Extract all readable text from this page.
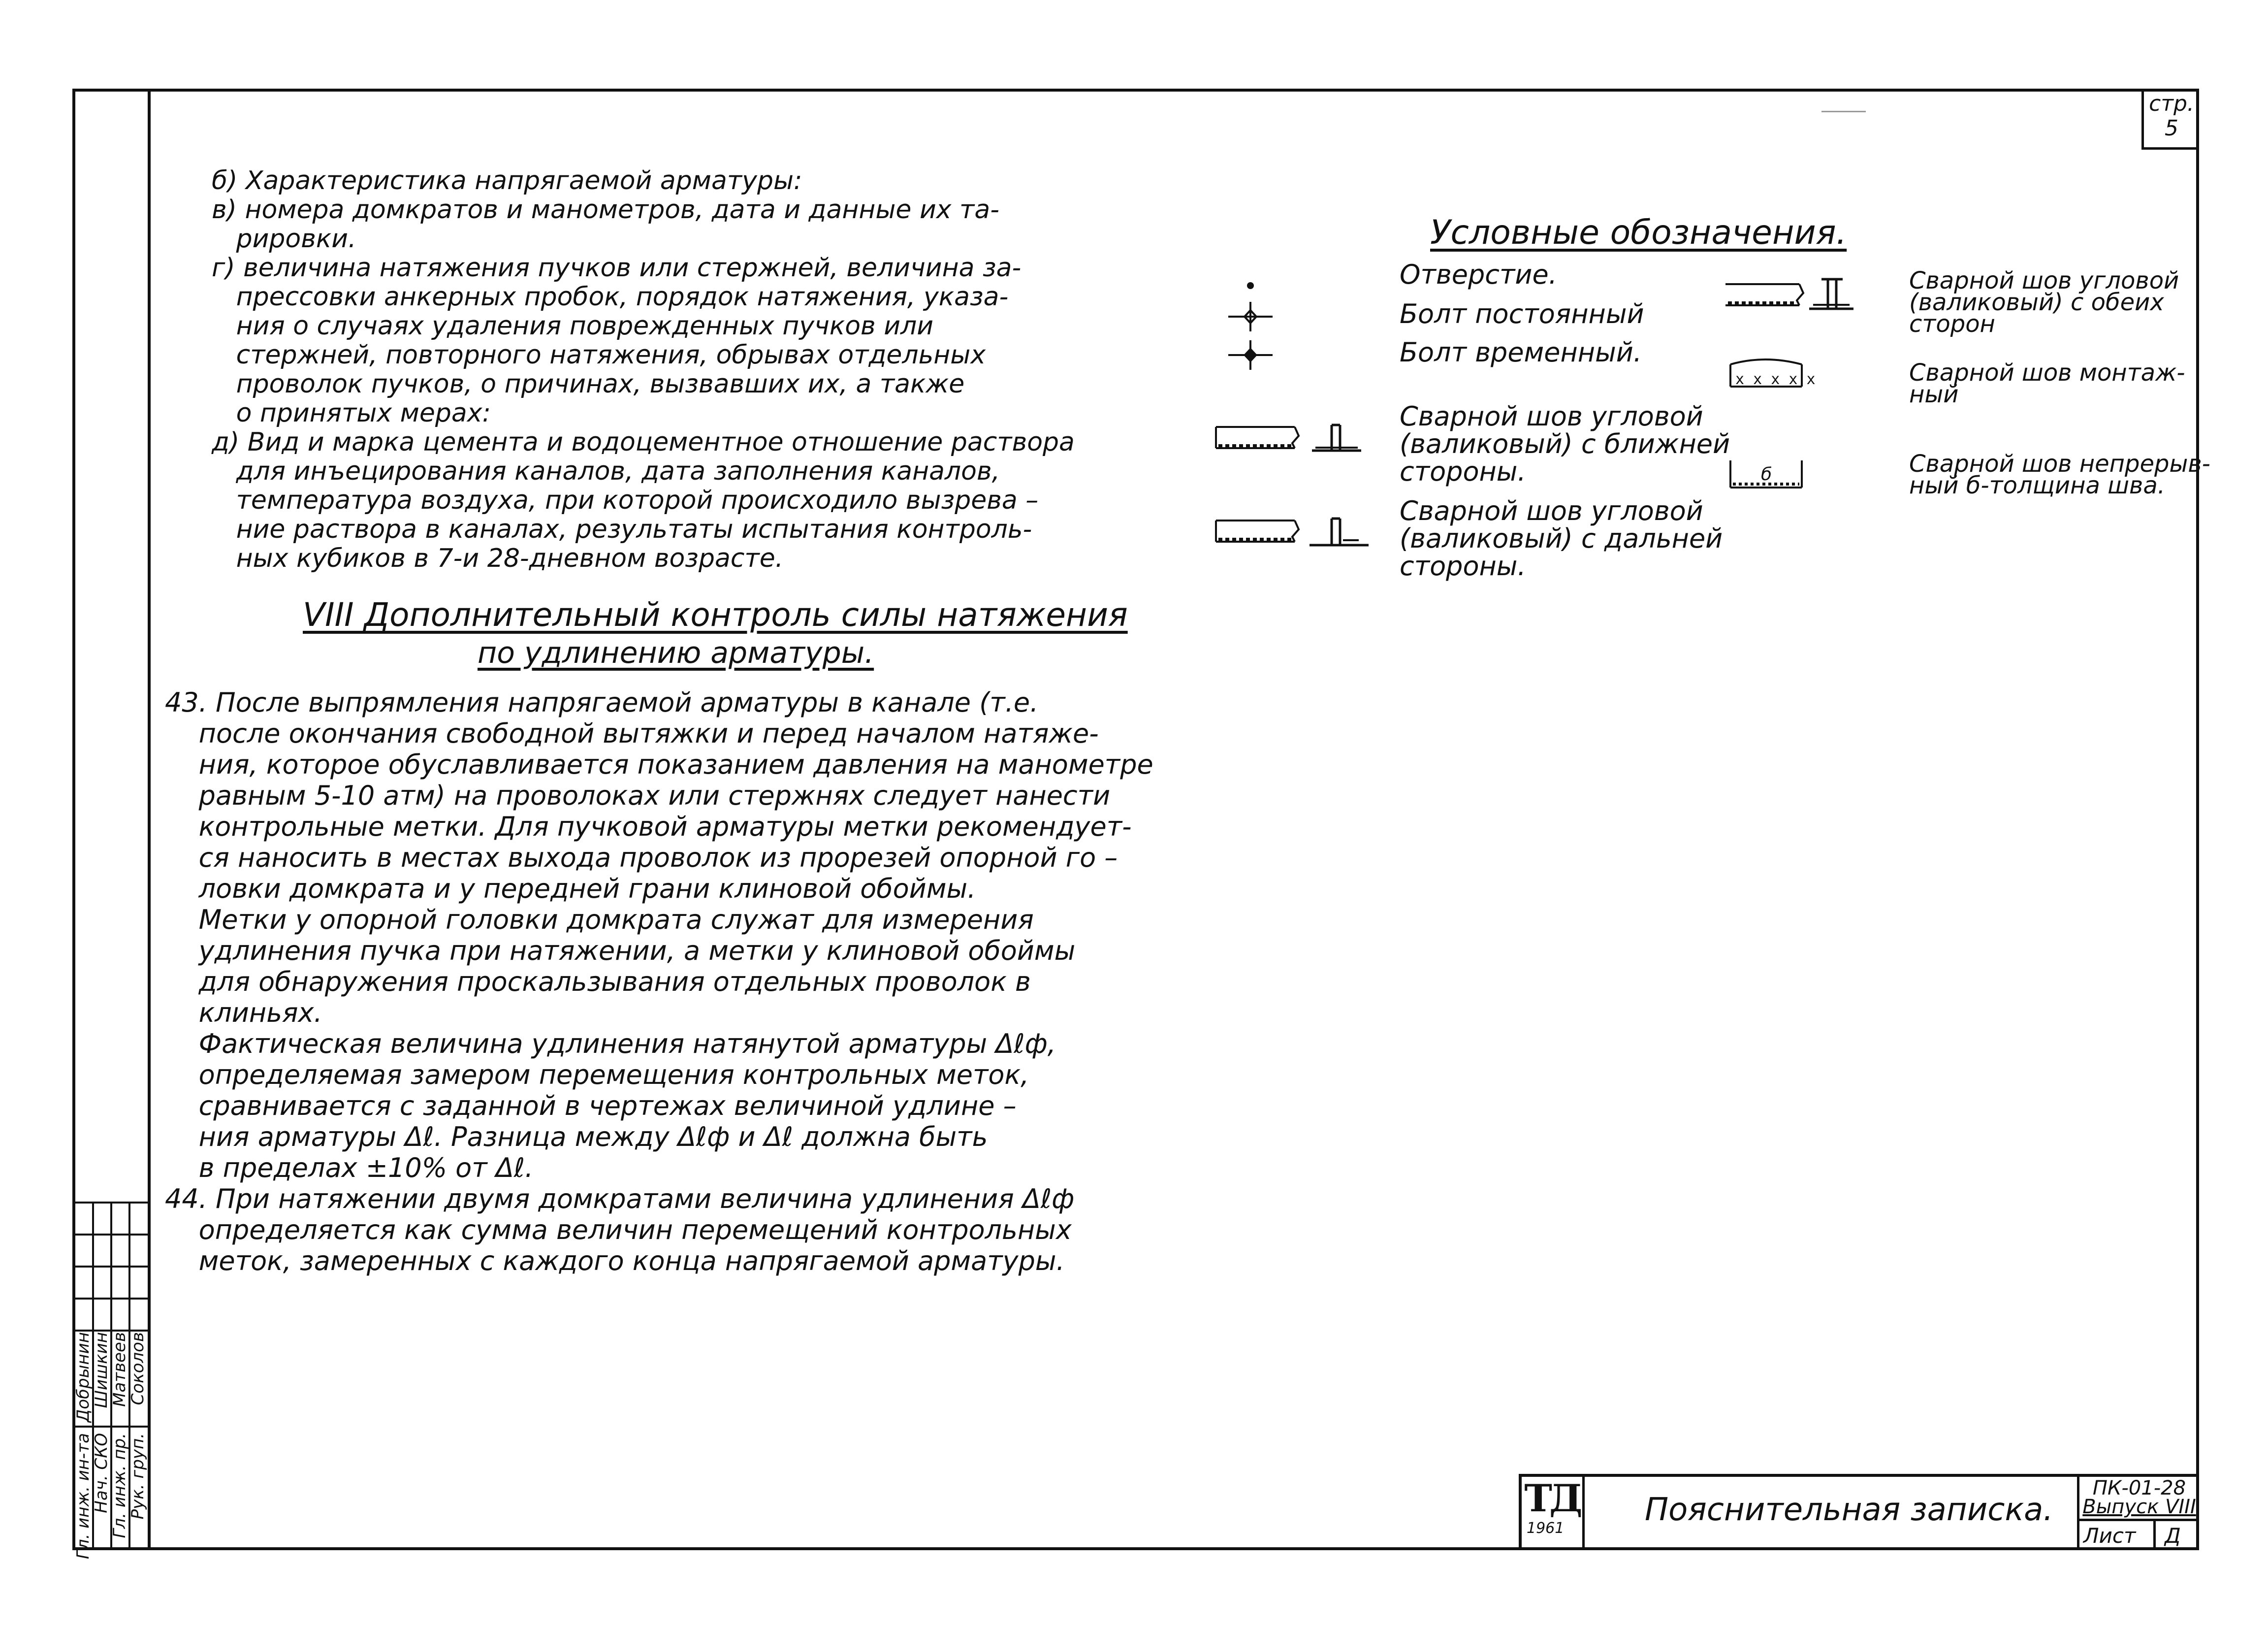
стр.
5
б) Характеристика напрягаемой арматуры:
в) номера домкратов и манометров, дата и данные их та-
рировки.
г) величина натяжения пучков или стержней, величина за-
прессовки анкерных пробок, порядок натяжения, указа-
ния о случаях удаления поврежденных пучков или
стержней, повторного натяжения, обрывах отдельных
проволок пучков, о причинах, вызвавших их, а также
о принятых мерах:
д) Вид и марка цемента и водоцементное отношение раствора
для инъецирования каналов, дата заполнения каналов,
температура воздуха, при которой происходило вызрева –
ние раствора в каналах, результаты испытания контроль-
ных кубиков в 7-и 28-дневном возрасте.
VIII Дополнительный контроль силы натяжения
по удлинению арматуры.
43. После выпрямления напрягаемой арматуры в канале (т.е.
после окончания свободной вытяжки и перед началом натяже-
ния, которое обуславливается показанием давления на манометре
равным 5-10 атм) на проволоках или стержнях следует нанести
контрольные метки. Для пучковой арматуры метки рекомендует-
ся наносить в местах выхода проволок из прорезей опорной го –
ловки домкрата и у передней грани клиновой обоймы.
Метки у опорной головки домкрата служат для измерения
удлинения пучка при натяжении, а метки у клиновой обоймы
для обнаружения проскальзывания отдельных проволок в
клиньях.
Фактическая величина удлинения натянутой арматуры Δℓф,
определяемая замером перемещения контрольных меток,
сравнивается с заданной в чертежах величиной удлине –
ния арматуры Δℓ. Разница между Δℓф и Δℓ должна быть
в пределах ±10% от Δℓ.
44. При натяжении двумя домкратами величина удлинения Δℓф
определяется как сумма величин перемещений контрольных
меток, замеренных с каждого конца напрягаемой арматуры.
Условные обозначения.
Отверстие.
Болт постоянный
Болт временный.
Сварной шов угловой
(валиковый) с ближней
стороны.
Сварной шов угловой
(валиковый) с дальней
стороны.
Сварной шов угловой
(валиковый) с обеих
сторон
Сварной шов монтаж-
ный
Сварной шов непрерыв-
ный б-толщина шва.
x x x x x
б
Гл. инж. ин-та
Нач. СКО
Гл. инж. пр.
Рук. груп.
Добрынин
Шишкин
Матвеев
Соколов
ТД
1961
Пояснительная записка.
ПК-01-28
Выпуск VIII
Лист	Д
